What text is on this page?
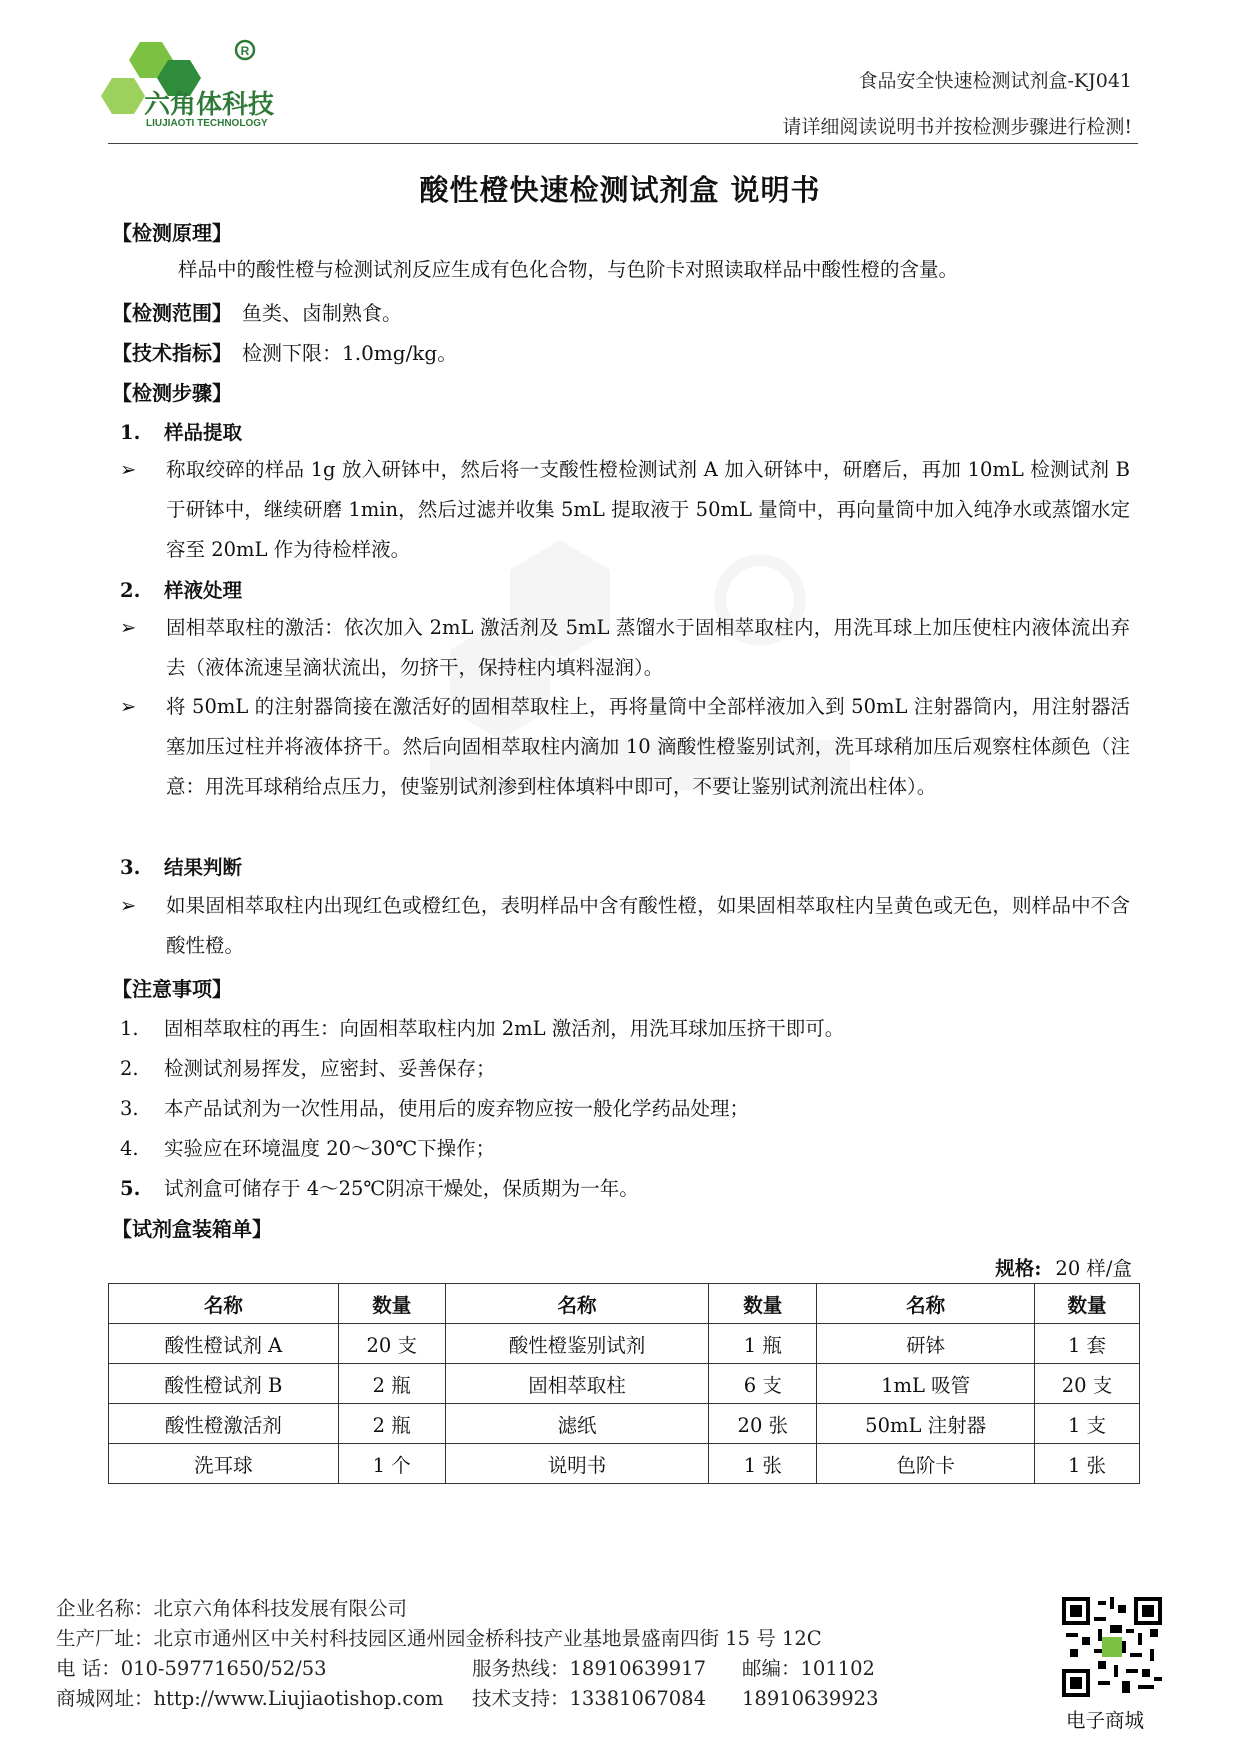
R
六角体科技
LIUJIAOTI TECHNOLOGY
食品安全快速检测试剂盒-KJ041
请详细阅读说明书并按检测步骤进行检测!
酸性橙快速检测试剂盒 说明书
【检测原理】
样品中的酸性橙与检测试剂反应生成有色化合物，与色阶卡对照读取样品中酸性橙的含量。
【检测范围】 鱼类、卤制熟食。
【技术指标】 检测下限：1.0mg/kg。
【检测步骤】
1. 样品提取
➢	称取绞碎的样品 1g 放入研钵中，然后将一支酸性橙检测试剂 A 加入研钵中，研磨后，再加 10mL 检测试剂 B 于研钵中，继续研磨 1min，然后过滤并收集 5mL 提取液于 50mL 量筒中，再向量筒中加入纯净水或蒸馏水定容至 20mL 作为待检样液。
2. 样液处理
➢	固相萃取柱的激活：依次加入 2mL 激活剂及 5mL 蒸馏水于固相萃取柱内，用洗耳球上加压使柱内液体流出弃去（液体流速呈滴状流出，勿挤干，保持柱内填料湿润）。
➢	将 50mL 的注射器筒接在激活好的固相萃取柱上，再将量筒中全部样液加入到 50mL 注射器筒内，用注射器活塞加压过柱并将液体挤干。然后向固相萃取柱内滴加 10 滴酸性橙鉴别试剂，洗耳球稍加压后观察柱体颜色（注意：用洗耳球稍给点压力，使鉴别试剂渗到柱体填料中即可，不要让鉴别试剂流出柱体）。
3. 结果判断
➢	如果固相萃取柱内出现红色或橙红色，表明样品中含有酸性橙，如果固相萃取柱内呈黄色或无色，则样品中不含酸性橙。
【注意事项】
1. 固相萃取柱的再生：向固相萃取柱内加 2mL 激活剂，用洗耳球加压挤干即可。
2. 检测试剂易挥发，应密封、妥善保存；
3. 本产品试剂为一次性用品，使用后的废弃物应按一般化学药品处理；
4. 实验应在环境温度 20～30℃下操作；
5. 试剂盒可储存于 4～25℃阴凉干燥处，保质期为一年。
【试剂盒装箱单】
规格: 20 样/盒
名称	数量	名称	数量	名称	数量
酸性橙试剂 A	20 支	酸性橙鉴别试剂	1 瓶	研钵	1 套
酸性橙试剂 B	2 瓶	固相萃取柱	6 支	1mL 吸管	20 支
酸性橙激活剂	2 瓶	滤纸	20 张	50mL 注射器	1 支
洗耳球	1 个	说明书	1 张	色阶卡	1 张
企业名称：北京六角体科技发展有限公司
生产厂址：北京市通州区中关村科技园区通州园金桥科技产业基地景盛南四街 15 号 12C
电 话：010-59771650/52/53	服务热线：18910639917 邮编：101102
商城网址：http://www.Liujiaotishop.com 技术支持：13381067084 18910639923
电子商城
